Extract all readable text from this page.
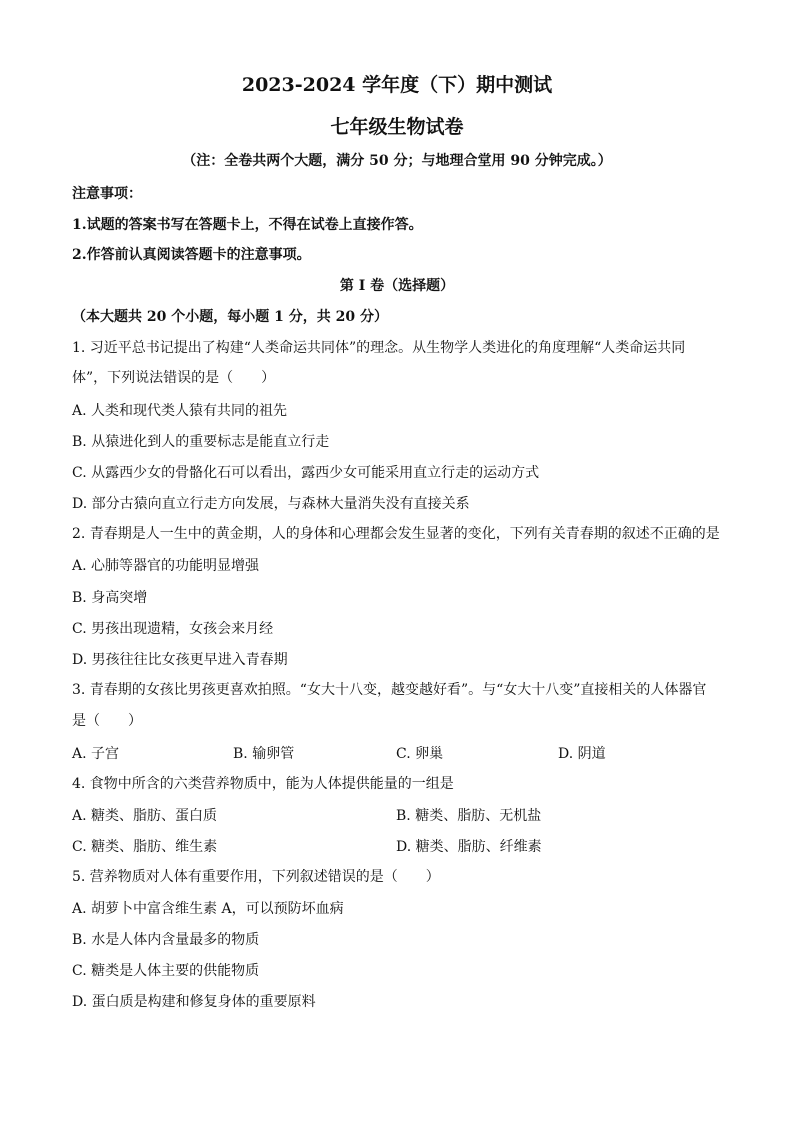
2023-2024 学年度（下）期中测试
七年级生物试卷
（注：全卷共两个大题，满分 50 分；与地理合堂用 90 分钟完成。）
注意事项：
1.试题的答案书写在答题卡上，不得在试卷上直接作答。
2.作答前认真阅读答题卡的注意事项。
第 I 卷（选择题）
（本大题共 20 个小题，每小题 1 分，共 20 分）
1. 习近平总书记提出了构建“人类命运共同体”的理念。从生物学人类进化的角度理解“人类命运共同
体”，下列说法错误的是（　　）
A. 人类和现代类人猿有共同的祖先
B. 从猿进化到人的重要标志是能直立行走
C. 从露西少女的骨骼化石可以看出，露西少女可能采用直立行走的运动方式
D. 部分古猿向直立行走方向发展，与森林大量消失没有直接关系
2. 青春期是人一生中的黄金期，人的身体和心理都会发生显著的变化，下列有关青春期的叙述不正确的是
A. 心肺等器官的功能明显增强
B. 身高突增
C. 男孩出现遗精，女孩会来月经
D. 男孩往往比女孩更早进入青春期
3. 青春期的女孩比男孩更喜欢拍照。“女大十八变，越变越好看”。与“女大十八变”直接相关的人体器官
是（　　）
A. 子宫	B. 输卵管	C. 卵巢	D. 阴道
4. 食物中所含的六类营养物质中，能为人体提供能量的一组是
A. 糖类、脂肪、蛋白质	B. 糖类、脂肪、无机盐
C. 糖类、脂肪、维生素	D. 糖类、脂肪、纤维素
5. 营养物质对人体有重要作用，下列叙述错误的是（　　）
A. 胡萝卜中富含维生素 A，可以预防坏血病
B. 水是人体内含量最多的物质
C. 糖类是人体主要的供能物质
D. 蛋白质是构建和修复身体的重要原料
